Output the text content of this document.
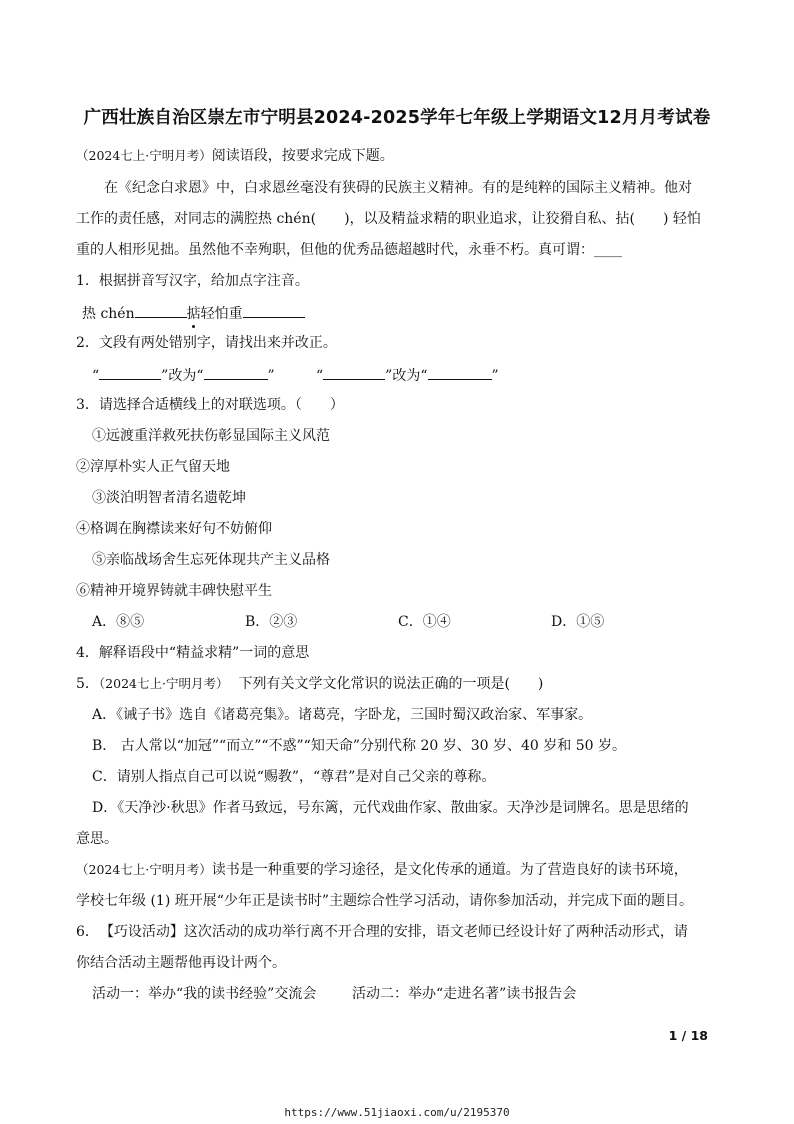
广西壮族自治区崇左市宁明县2024-2025学年七年级上学期语文12月月考试卷
（2024七上·宁明月考）阅读语段，按要求完成下题。
在《纪念白求恩》中，白求恩丝毫没有狭碍的民族主义精神。有的是纯粹的国际主义精神。他对
工作的责任感，对同志的满腔热 chén(　　)，以及精益求精的职业追求，让狡猾自私、拈(　　) 轻怕
重的人相形见拙。虽然他不幸殉职，但他的优秀品德超越时代，永垂不朽。真可谓：____
1．根据拼音写汉字，给加点字注音。
热 chén	掂轻怕重
2．文段有两处错别字，请找出来并改正。
“	”改为“	”	“	”改为“	”
3．请选择合适横线上的对联选项。（　　）
①远渡重洋救死扶伤彰显国际主义风范
②淳厚朴实人正气留天地
③淡泊明智者清名遗乾坤
④格调在胸襟读来好句不妨俯仰
⑤亲临战场舍生忘死体现共产主义品格
⑥精神开境界铸就丰碑快慰平生
A．⑧⑤	B．②③	C．①④	D．①⑤
4．解释语段中“精益求精”一词的意思
5．（2024七上·宁明月考） 下列有关文学文化常识的说法正确的一项是(　　)
A．《诫子书》选自《诸葛亮集》。诸葛亮，字卧龙，三国时蜀汉政治家、军事家。
B． 古人常以“加冠”“而立”“不惑”“知天命”分别代称 20 岁、30 岁、40 岁和 50 岁。
C．请别人指点自己可以说“赐教”，“尊君”是对自己父亲的尊称。
D．《天净沙·秋思》作者马致远，号东篱，元代戏曲作家、散曲家。天净沙是词牌名。思是思绪的
意思。
（2024七上·宁明月考）读书是一种重要的学习途径，是文化传承的通道。为了营造良好的读书环境，
学校七年级 (1) 班开展“少年正是读书时”主题综合性学习活动，请你参加活动，并完成下面的题目。
6． 【巧设活动】这次活动的成功举行离不开合理的安排，语文老师已经设计好了两种活动形式，请
你结合活动主题帮他再设计两个。
活动一：举办“我的读书经验”交流会	活动二：举办“走进名著”读书报告会
1 / 18
https://www.51jiaoxi.com/u/2195370
